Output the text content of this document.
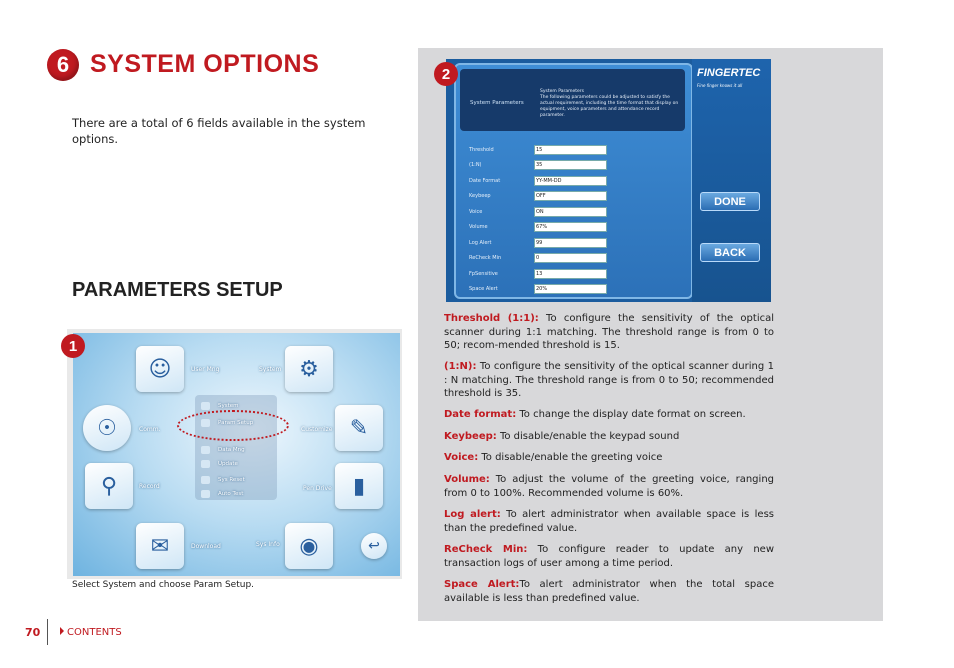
6 SYSTEM OPTIONS
There are a total of 6 fields available in the system options.
PARAMETERS SETUP
1
☺	User Mng	⚙
System
☉	Comm.	✎
Customize
⚲	Record	▮
Pen Drive
✉	Download	◉
Sys Info	↩
System
Param Setup
Data Mng
Update
Sys Reset
Auto Test
Select System and choose Param Setup.
2
System Parameters
System Parameters
The following parameters could be adjusted to satisfy the actual requirement, including the time format that display on equipment, voice parameters and attendance record parameter.
Threshold	15
(1:N)	35
Date Format	YY-MM-DD
Keybeep	OFF
Voice	ON
Volume	67%
Log Alert	99
ReCheck Min	0
FpSensitive	13
Space Alert	20%
FINGERTEC
Fine finger knows it all
DONE
BACK
Threshold (1:1): To configure the sensitivity of the optical scanner during 1:1 matching. The threshold range is from 0 to 50; recom-mended threshold is 15.
(1:N): To configure the sensitivity of the optical scanner during 1 : N matching. The threshold range is from 0 to 50; recommended threshold is 35.
Date format: To change the display date format on screen.
Keybeep: To disable/enable the keypad sound
Voice: To disable/enable the greeting voice
Volume: To adjust the volume of the greeting voice, ranging from 0 to 100%. Recommended volume is 60%.
Log alert: To alert administrator when available space is less than the predefined value.
ReCheck Min: To configure reader to update any new transaction logs of user among a time period.
Space Alert:To alert administrator when the total space available is less than predefined value.
70	CONTENTS
